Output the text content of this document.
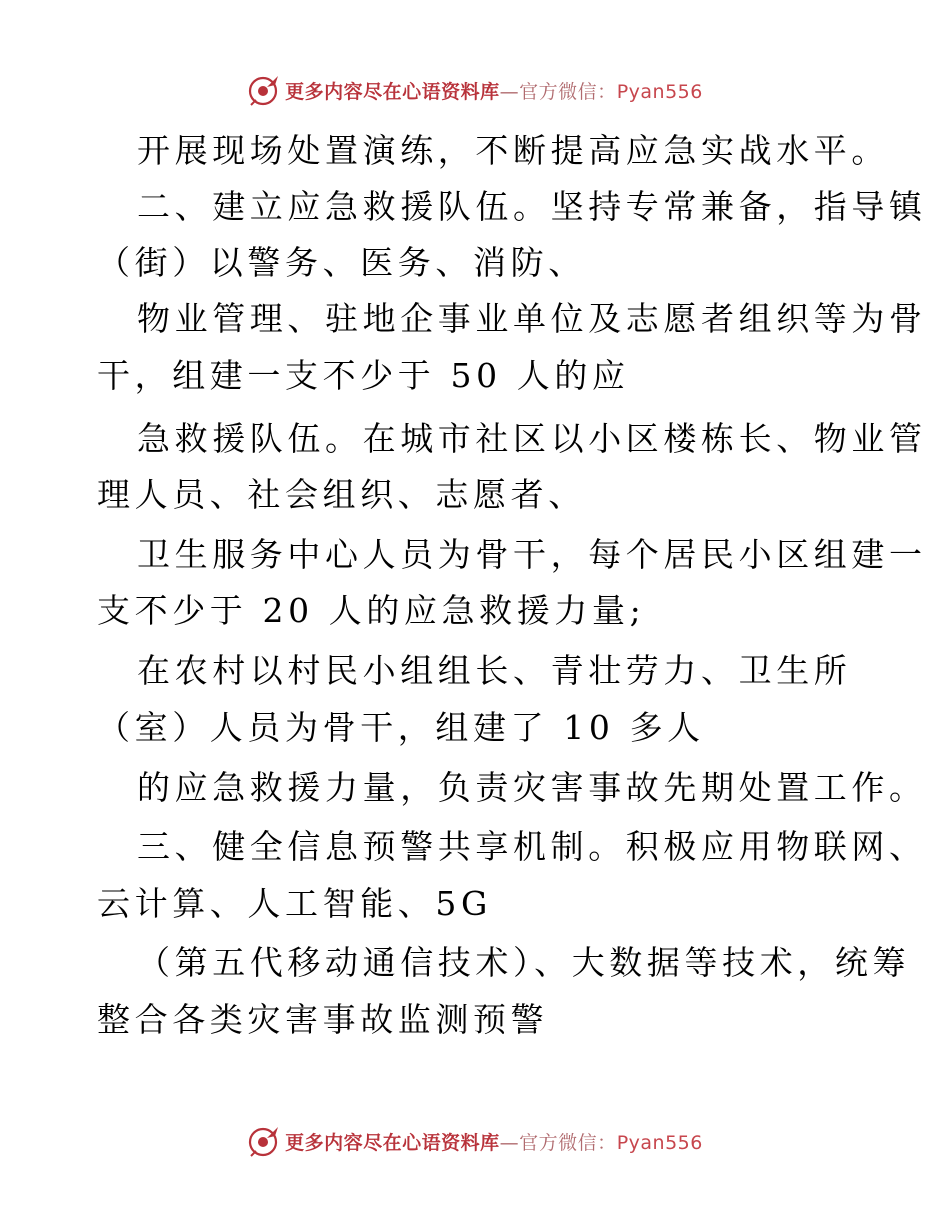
更多内容尽在心语资料库—官方微信：Pyan556
开展现场处置演练，不断提高应急实战水平。
二、建立应急救援队伍。坚持专常兼备，指导镇
（街）以警务、医务、消防、
物业管理、驻地企事业单位及志愿者组织等为骨
干，组建一支不少于 50 人的应
急救援队伍。在城市社区以小区楼栋长、物业管
理人员、社会组织、志愿者、
卫生服务中心人员为骨干，每个居民小区组建一
支不少于 20 人的应急救援力量;
在农村以村民小组组长、青壮劳力、卫生所
（室）人员为骨干，组建了 10 多人
的应急救援力量，负责灾害事故先期处置工作。
三、健全信息预警共享机制。积极应用物联网、
云计算、人工智能、5G
（第五代移动通信技术）、大数据等技术，统筹
整合各类灾害事故监测预警
更多内容尽在心语资料库—官方微信：Pyan556
